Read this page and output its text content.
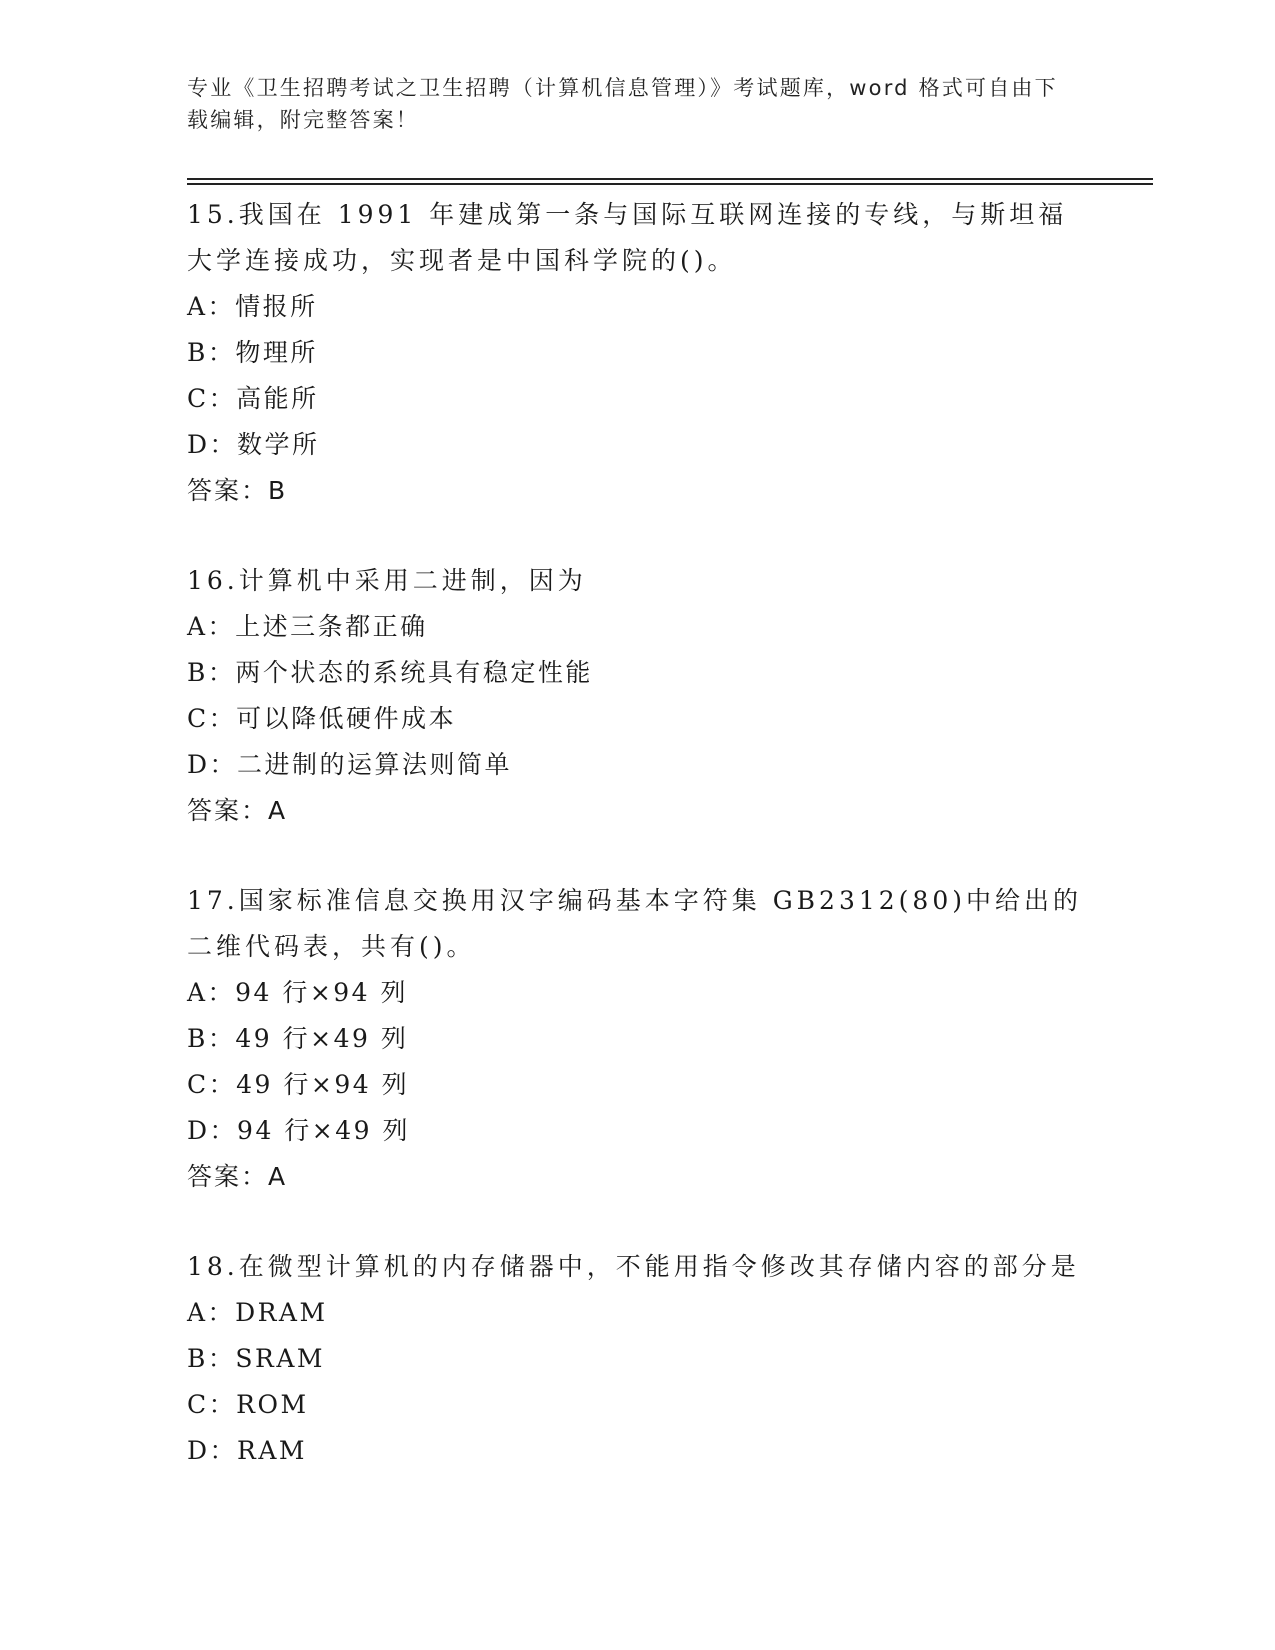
专业《卫生招聘考试之卫生招聘（计算机信息管理）》考试题库，word 格式可自由下载编辑，附完整答案！

15.我国在 1991 年建成第一条与国际互联网连接的专线，与斯坦福大学连接成功，实现者是中国科学院的()。

A：情报所

B：物理所

C：高能所

D：数学所

答案：B

16.计算机中采用二进制，因为

A：上述三条都正确

B：两个状态的系统具有稳定性能

C：可以降低硬件成本

D：二进制的运算法则简单

答案：A

17.国家标准信息交换用汉字编码基本字符集 GB2312(80)中给出的二维代码表，共有()。

A：94 行×94 列

B：49 行×49 列

C：49 行×94 列

D：94 行×49 列

答案：A

18.在微型计算机的内存储器中，不能用指令修改其存储内容的部分是

A：DRAM

B：SRAM

C：ROM

D：RAM
